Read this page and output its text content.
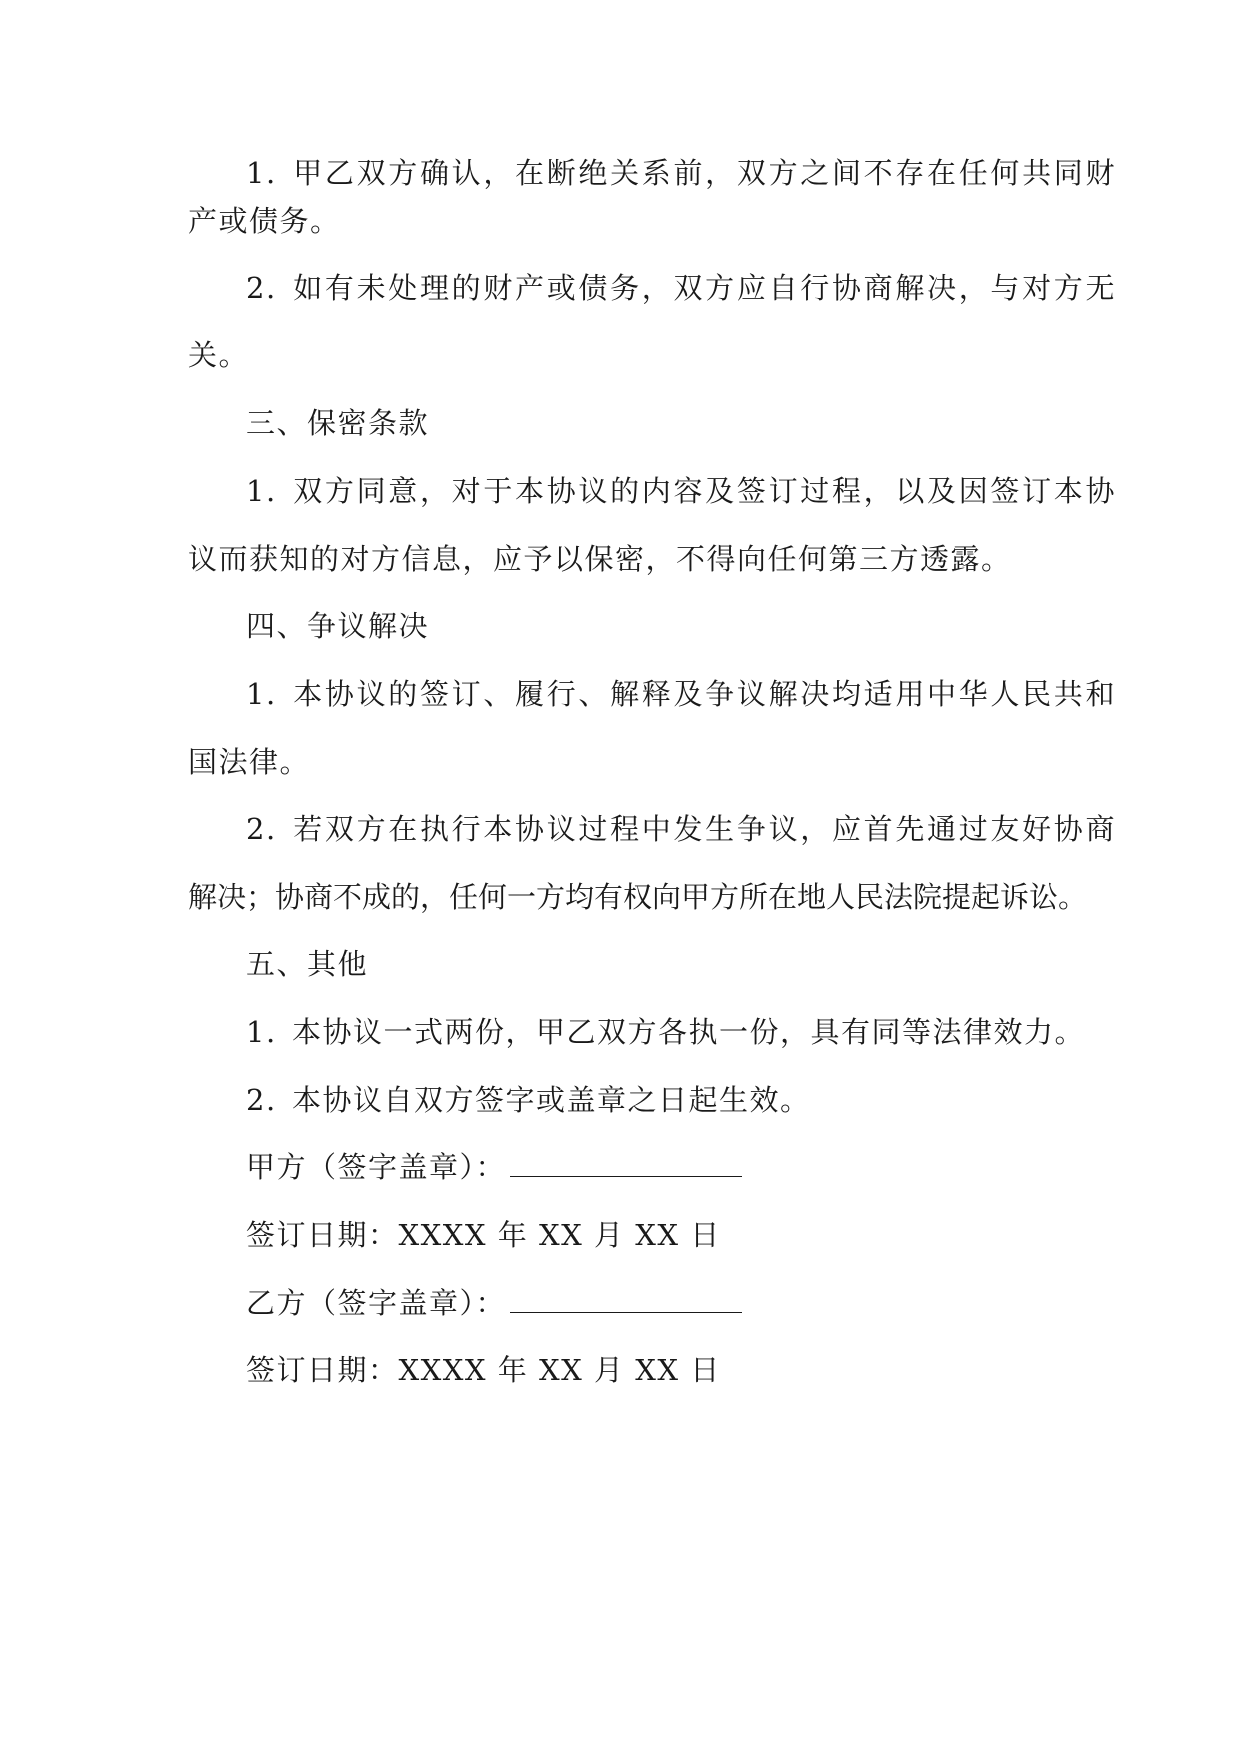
1. 甲乙双方确认，在断绝关系前，双方之间不存在任何共同财
产或债务。
2. 如有未处理的财产或债务，双方应自行协商解决，与对方无
关。
三、保密条款
1. 双方同意，对于本协议的内容及签订过程，以及因签订本协
议而获知的对方信息，应予以保密，不得向任何第三方透露。
四、争议解决
1. 本协议的签订、履行、解释及争议解决均适用中华人民共和
国法律。
2. 若双方在执行本协议过程中发生争议，应首先通过友好协商
解决；协商不成的，任何一方均有权向甲方所在地人民法院提起诉讼。
五、其他
1. 本协议一式两份，甲乙双方各执一份，具有同等法律效力。
2. 本协议自双方签字或盖章之日起生效。
甲方（签字盖章）：
签订日期：XXXX 年 XX 月 XX 日
乙方（签字盖章）：
签订日期：XXXX 年 XX 月 XX 日
